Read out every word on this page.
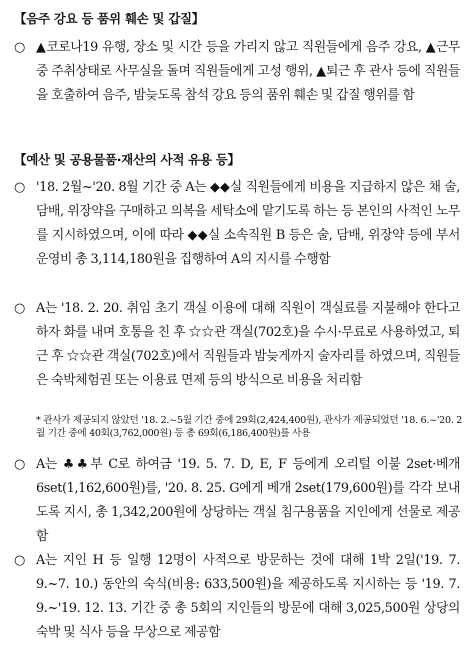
【음주 강요 등 품위 훼손 및 갑질】
○ ▲코로나19 유행, 장소 및 시간 등을 가리지 않고 직원들에게 음주 강요, ▲근무 중 주취상태로 사무실을 돌며 직원들에게 고성 행위, ▲퇴근 후 관사 등에 직원들을 호출하여 음주, 밤늦도록 참석 강요 등의 품위 훼손 및 갑질 행위를 함
【예산 및 공용물품·재산의 사적 유용 등】
○ '18. 2월~'20. 8월 기간 중 A는 ◆◆실 직원들에게 비용을 지급하지 않은 채 술, 담배, 위장약을 구매하고 의복을 세탁소에 맡기도록 하는 등 본인의 사적인 노무를 지시하였으며, 이에 따라 ◆◆실 소속직원 B 등은 술, 담배, 위장약 등에 부서운영비 총 3,114,180원을 집행하여 A의 지시를 수행함
○ A는 '18. 2. 20. 취임 초기 객실 이용에 대해 직원이 객실료를 지불해야 한다고 하자 화를 내며 호통을 친 후 ☆☆관 객실(702호)을 수시·무료로 사용하였고, 퇴근 후 ☆☆관 객실(702호)에서 직원들과 밤늦게까지 술자리를 하였으며, 직원들은 숙박체험권 또는 이용료 면제 등의 방식으로 비용을 처리함
* 관사가 제공되지 않았던 '18. 2.~5월 기간 중에 29회(2,424,400원), 관사가 제공되었던 '18. 6.~'20. 2월 기간 중에 40회(3,762,000원) 등 총 69회(6,186,400원)를 사용
○ A는 ♣♣부 C로 하여금 '19. 5. 7. D, E, F 등에게 오리털 이불 2set·베개 6set(1,162,600원)를, '20. 8. 25. G에게 베개 2set(179,600원)를 각각 보내도록 지시, 총 1,342,200원에 상당하는 객실 침구용품을 지인에게 선물로 제공함
○ A는 지인 H 등 일행 12명이 사적으로 방문하는 것에 대해 1박 2일('19. 7. 9.~7. 10.) 동안의 숙식(비용: 633,500원)을 제공하도록 지시하는 등 '19. 7. 9.~'19. 12. 13. 기간 중 총 5회의 지인들의 방문에 대해 3,025,500원 상당의 숙박 및 식사 등을 무상으로 제공함
